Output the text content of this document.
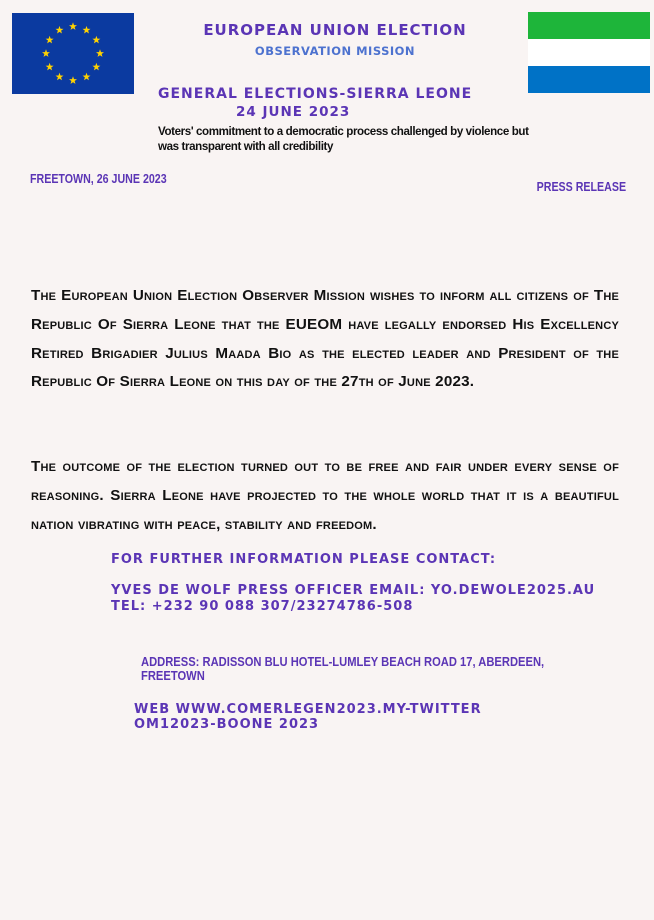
EUROPEAN UNION ELECTION
OBSERVATION MISSION
GENERAL ELECTIONS-SIERRA LEONE
24 JUNE 2023
Voters' commitment to a democratic process challenged by violence but was transparent with all credibility
FREETOWN, 26 JUNE 2023
PRESS RELEASE
The European Union Election Observer Mission wishes to inform all citizens of The Republic Of Sierra Leone that the EUEOM have legally endorsed His Excellency Retired Brigadier Julius Maada Bio as the elected leader and President of the Republic Of Sierra Leone on this day of the 27th of June 2023.
The outcome of the election turned out to be free and fair under every sense of reasoning. Sierra Leone have projected to the whole world that it is a beautiful nation vibrating with peace, stability and freedom.
FOR FURTHER INFORMATION PLEASE CONTACT:
YVES DE WOLF PRESS OFFICER EMAIL: YO.DEWOLE2025.AU TEL: +232 90 088 307/23274786-508
ADDRESS: RADISSON BLU HOTEL-LUMLEY BEACH ROAD 17, ABERDEEN, FREETOWN
WEB WWW.COMERLEGEN2023.MY-TWITTER OM12023-BOONE 2023
